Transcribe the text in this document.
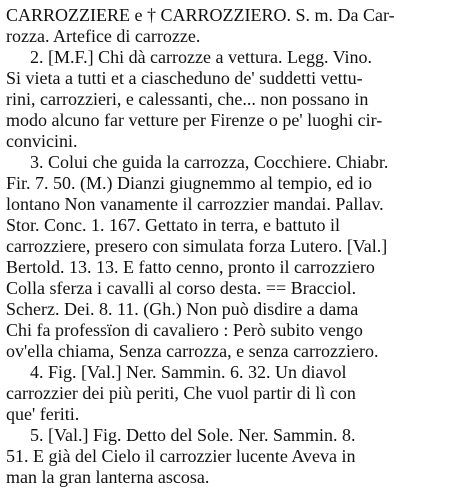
CARROZZIERE e † CARROZZIERO. S. m. Da Car-
rozza. Artefice di carrozze.
2. [M.F.] Chi dà carrozze a vettura. Legg. Vino.
Si vieta a tutti et a ciascheduno de' suddetti vettu-
rini, carrozzieri, e calessanti, che... non possano in
modo alcuno far vetture per Firenze o pe' luoghi cir-
convicini.
3. Colui che guida la carrozza, Cocchiere. Chiabr.
Fir. 7. 50. (M.) Dianzi giugnemmo al tempio, ed io
lontano Non vanamente il carrozzier mandai. Pallav.
Stor. Conc. 1. 167. Gettato in terra, e battuto il
carrozziere, presero con simulata forza Lutero. [Val.]
Bertold. 13. 13. E fatto cenno, pronto il carrozziero
Colla sferza i cavalli al corso desta. == Bracciol.
Scherz. Dei. 8. 11. (Gh.) Non può disdire a dama
Chi fa professïon di cavaliero : Però subito vengo
ov'ella chiama, Senza carrozza, e senza carrozziero.
4. Fig. [Val.] Ner. Sammin. 6. 32. Un diavol
carrozzier dei più periti, Che vuol partir di lì con
que' feriti.
5. [Val.] Fig. Detto del Sole. Ner. Sammin. 8.
51. E già del Cielo il carrozzier lucente Aveva in
man la gran lanterna ascosa.
